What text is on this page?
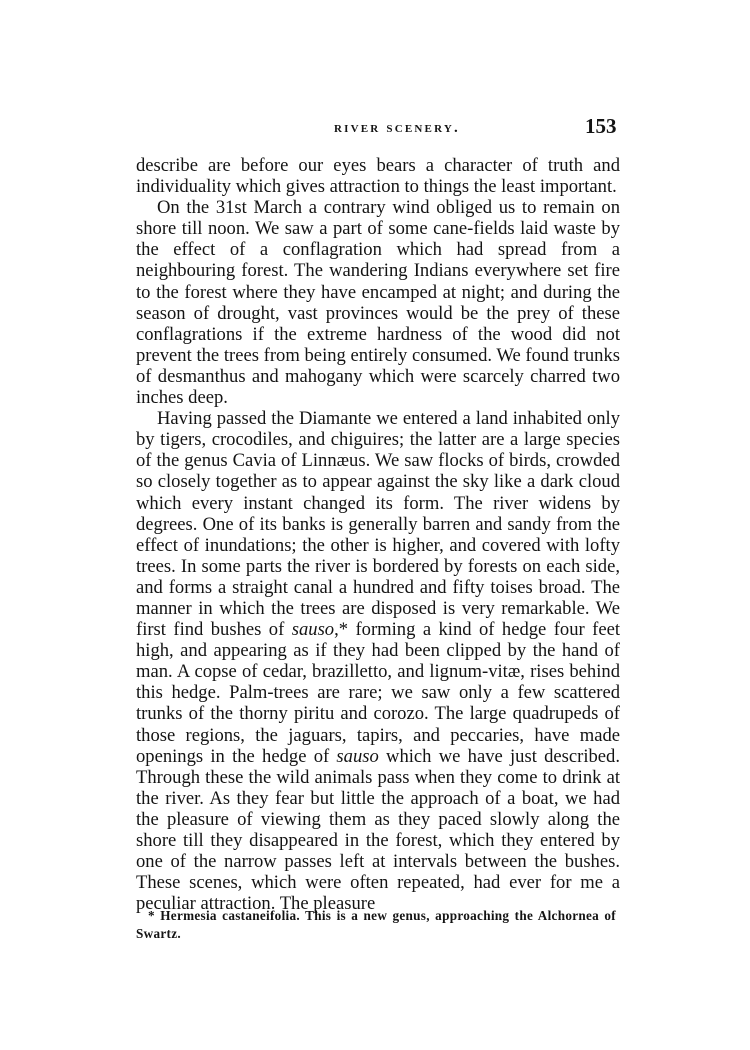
river scenery.	153

describe are before our eyes bears a character of truth and individuality which gives attraction to things the least important.

On the 31st March a contrary wind obliged us to remain on shore till noon. We saw a part of some cane-fields laid waste by the effect of a conflagration which had spread from a neighbouring forest. The wandering Indians everywhere set fire to the forest where they have encamped at night; and during the season of drought, vast provinces would be the prey of these conflagrations if the extreme hardness of the wood did not prevent the trees from being entirely consumed. We found trunks of desmanthus and mahogany which were scarcely charred two inches deep.

Having passed the Diamante we entered a land inhabited only by tigers, crocodiles, and chiguires; the latter are a large species of the genus Cavia of Linnæus. We saw flocks of birds, crowded so closely together as to appear against the sky like a dark cloud which every instant changed its form. The river widens by degrees. One of its banks is generally barren and sandy from the effect of inundations; the other is higher, and covered with lofty trees. In some parts the river is bordered by forests on each side, and forms a straight canal a hundred and fifty toises broad. The manner in which the trees are disposed is very remarkable. We first find bushes of sauso,* forming a kind of hedge four feet high, and appearing as if they had been clipped by the hand of man. A copse of cedar, brazilletto, and lignum-vitæ, rises behind this hedge. Palm-trees are rare; we saw only a few scattered trunks of the thorny piritu and corozo. The large quadrupeds of those regions, the jaguars, tapirs, and peccaries, have made openings in the hedge of sauso which we have just described. Through these the wild animals pass when they come to drink at the river. As they fear but little the approach of a boat, we had the pleasure of viewing them as they paced slowly along the shore till they disappeared in the forest, which they entered by one of the narrow passes left at intervals between the bushes. These scenes, which were often repeated, had ever for me a peculiar attraction. The pleasure

* Hermesia castaneifolia. This is a new genus, approaching the Alchornea of Swartz.
